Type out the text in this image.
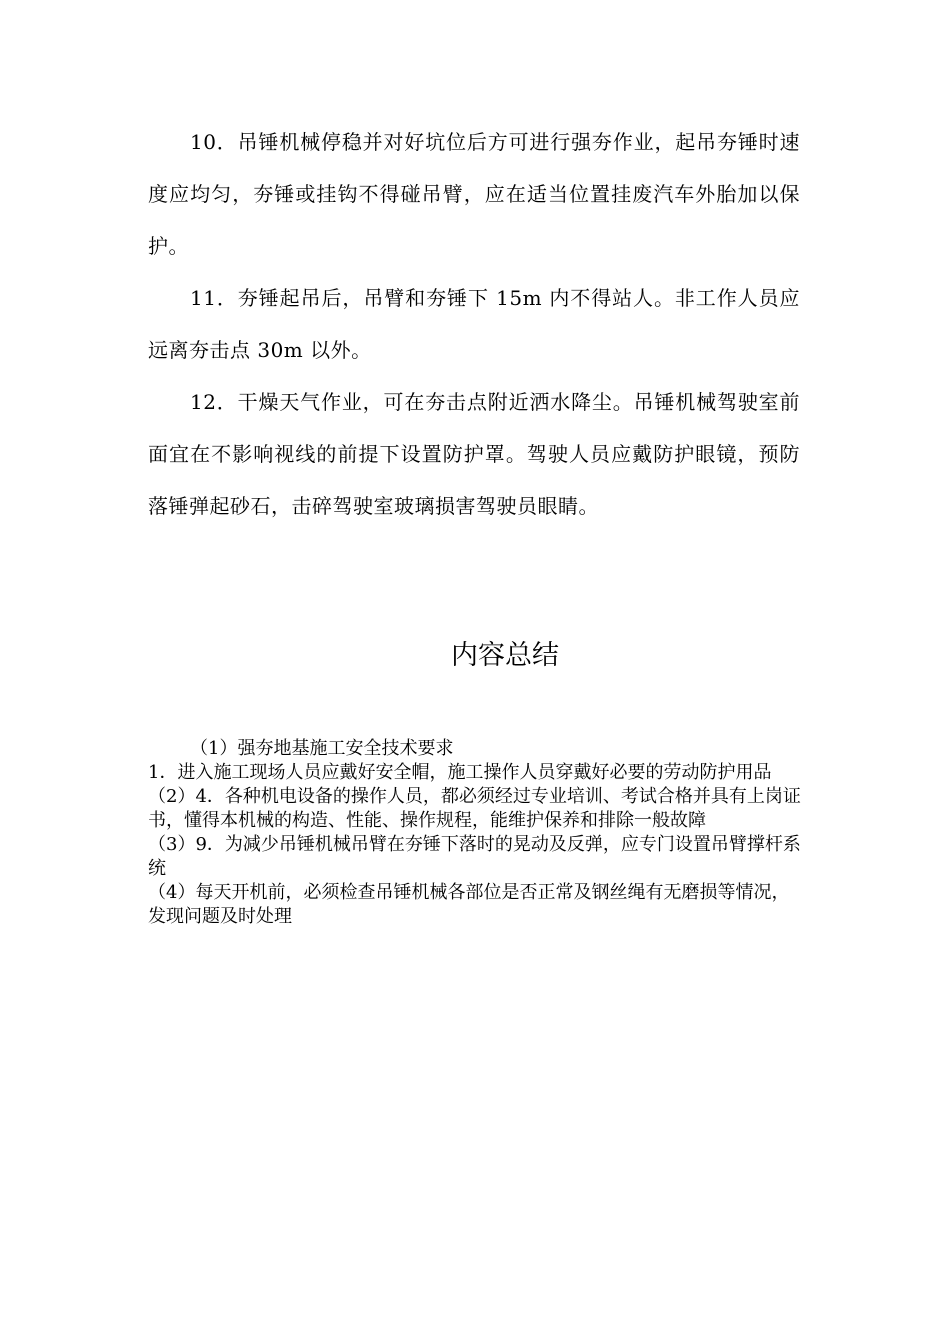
10．吊锤机械停稳并对好坑位后方可进行强夯作业，起吊夯锤时速度应均匀，夯锤或挂钩不得碰吊臂，应在适当位置挂废汽车外胎加以保护。

11．夯锤起吊后，吊臂和夯锤下 15m 内不得站人。非工作人员应远离夯击点 30m 以外。

12．干燥天气作业，可在夯击点附近洒水降尘。吊锤机械驾驶室前面宜在不影响视线的前提下设置防护罩。驾驶人员应戴防护眼镜，预防落锤弹起砂石，击碎驾驶室玻璃损害驾驶员眼睛。

内容总结
（1）强夯地基施工安全技术要求
1．进入施工现场人员应戴好安全帽，施工操作人员穿戴好必要的劳动防护用品
（2）4．各种机电设备的操作人员，都必须经过专业培训、考试合格并具有上岗证书，懂得本机械的构造、性能、操作规程，能维护保养和排除一般故障
（3）9．为减少吊锤机械吊臂在夯锤下落时的晃动及反弹，应专门设置吊臂撑杆系统
（4）每天开机前，必须检查吊锤机械各部位是否正常及钢丝绳有无磨损等情况，发现问题及时处理
